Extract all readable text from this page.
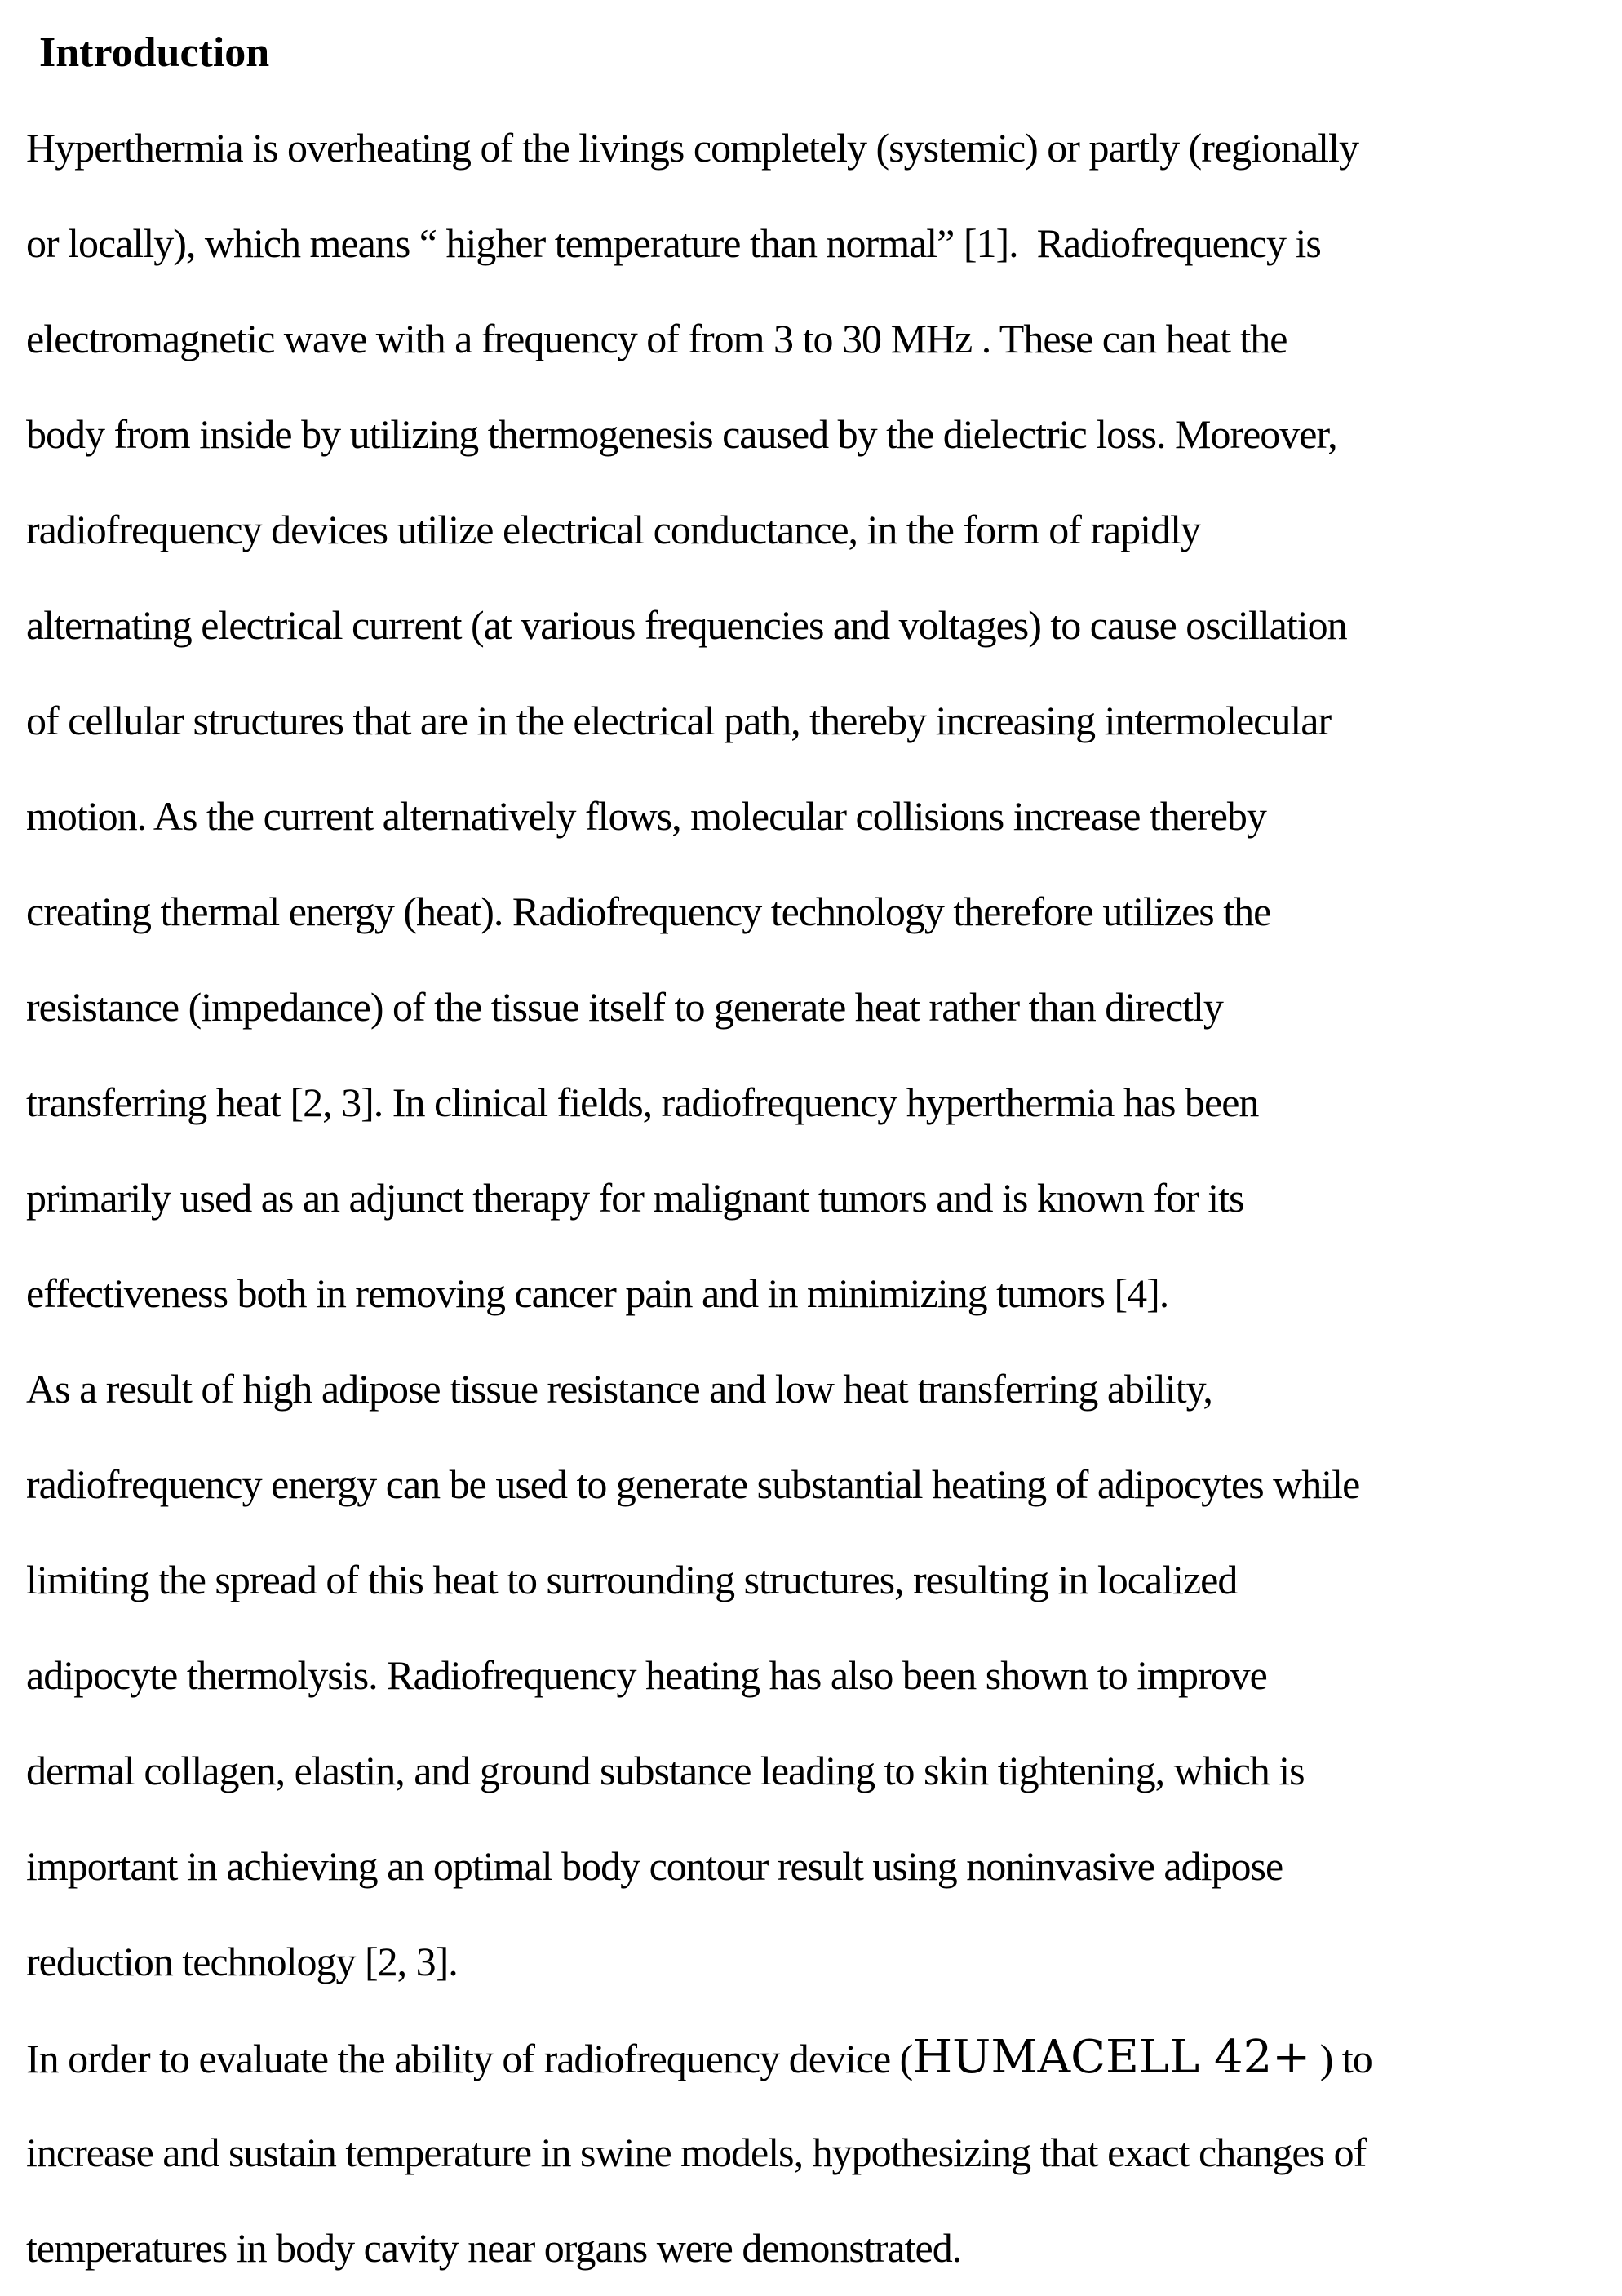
Introduction
Hyperthermia is overheating of the livings completely (systemic) or partly (regionally
or locally), which means “ higher temperature than normal” [1].  Radiofrequency is
electromagnetic wave with a frequency of from 3 to 30 MHz . These can heat the
body from inside by utilizing thermogenesis caused by the dielectric loss. Moreover,
radiofrequency devices utilize electrical conductance, in the form of rapidly
alternating electrical current (at various frequencies and voltages) to cause oscillation
of cellular structures that are in the electrical path, thereby increasing intermolecular
motion. As the current alternatively flows, molecular collisions increase thereby
creating thermal energy (heat). Radiofrequency technology therefore utilizes the
resistance (impedance) of the tissue itself to generate heat rather than directly
transferring heat [2, 3]. In clinical fields, radiofrequency hyperthermia has been
primarily used as an adjunct therapy for malignant tumors and is known for its
effectiveness both in removing cancer pain and in minimizing tumors [4].
As a result of high adipose tissue resistance and low heat transferring ability,
radiofrequency energy can be used to generate substantial heating of adipocytes while
limiting the spread of this heat to surrounding structures, resulting in localized
adipocyte thermolysis. Radiofrequency heating has also been shown to improve
dermal collagen, elastin, and ground substance leading to skin tightening, which is
important in achieving an optimal body contour result using noninvasive adipose
reduction technology [2, 3].
In order to evaluate the ability of radiofrequency device (HUMACELL 42+ ) to
increase and sustain temperature in swine models, hypothesizing that exact changes of
temperatures in body cavity near organs were demonstrated.
